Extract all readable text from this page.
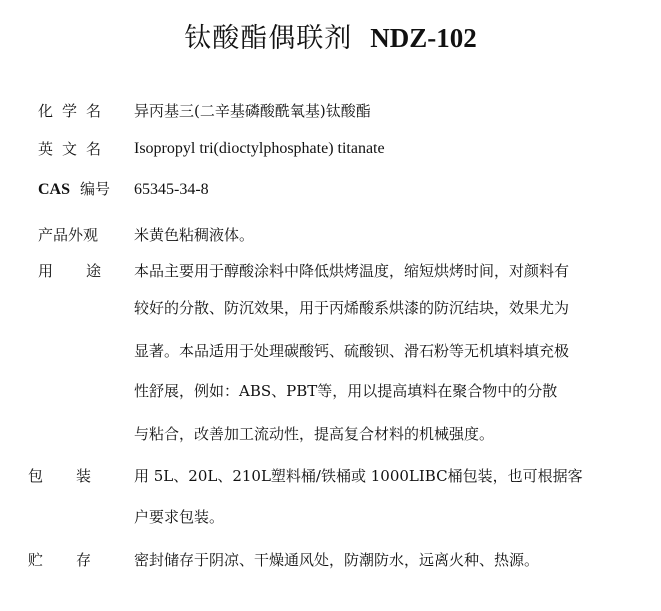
钛酸酯偶联剂 NDZ-102
化学名 异丙基三(二辛基磷酸酰氧基)钛酸酯
英文名 Isopropyl tri(dioctylphosphate) titanate
CAS 编号 65345-34-8
产品外观 米黄色粘稠液体。
用途 本品主要用于醇酸涂料中降低烘烤温度，缩短烘烤时间，对颜料有
较好的分散、防沉效果，用于丙烯酸系烘漆的防沉结块，效果尤为
显著。本品适用于处理碳酸钙、硫酸钡、滑石粉等无机填料填充极
性舒展，例如：ABS、PBT等，用以提高填料在聚合物中的分散
与粘合，改善加工流动性，提高复合材料的机械强度。
包装 用 5L、20L、210L塑料桶/铁桶或 1000LIBC桶包装，也可根据客
户要求包装。
贮存 密封储存于阴凉、干燥通风处，防潮防水，远离火种、热源。
